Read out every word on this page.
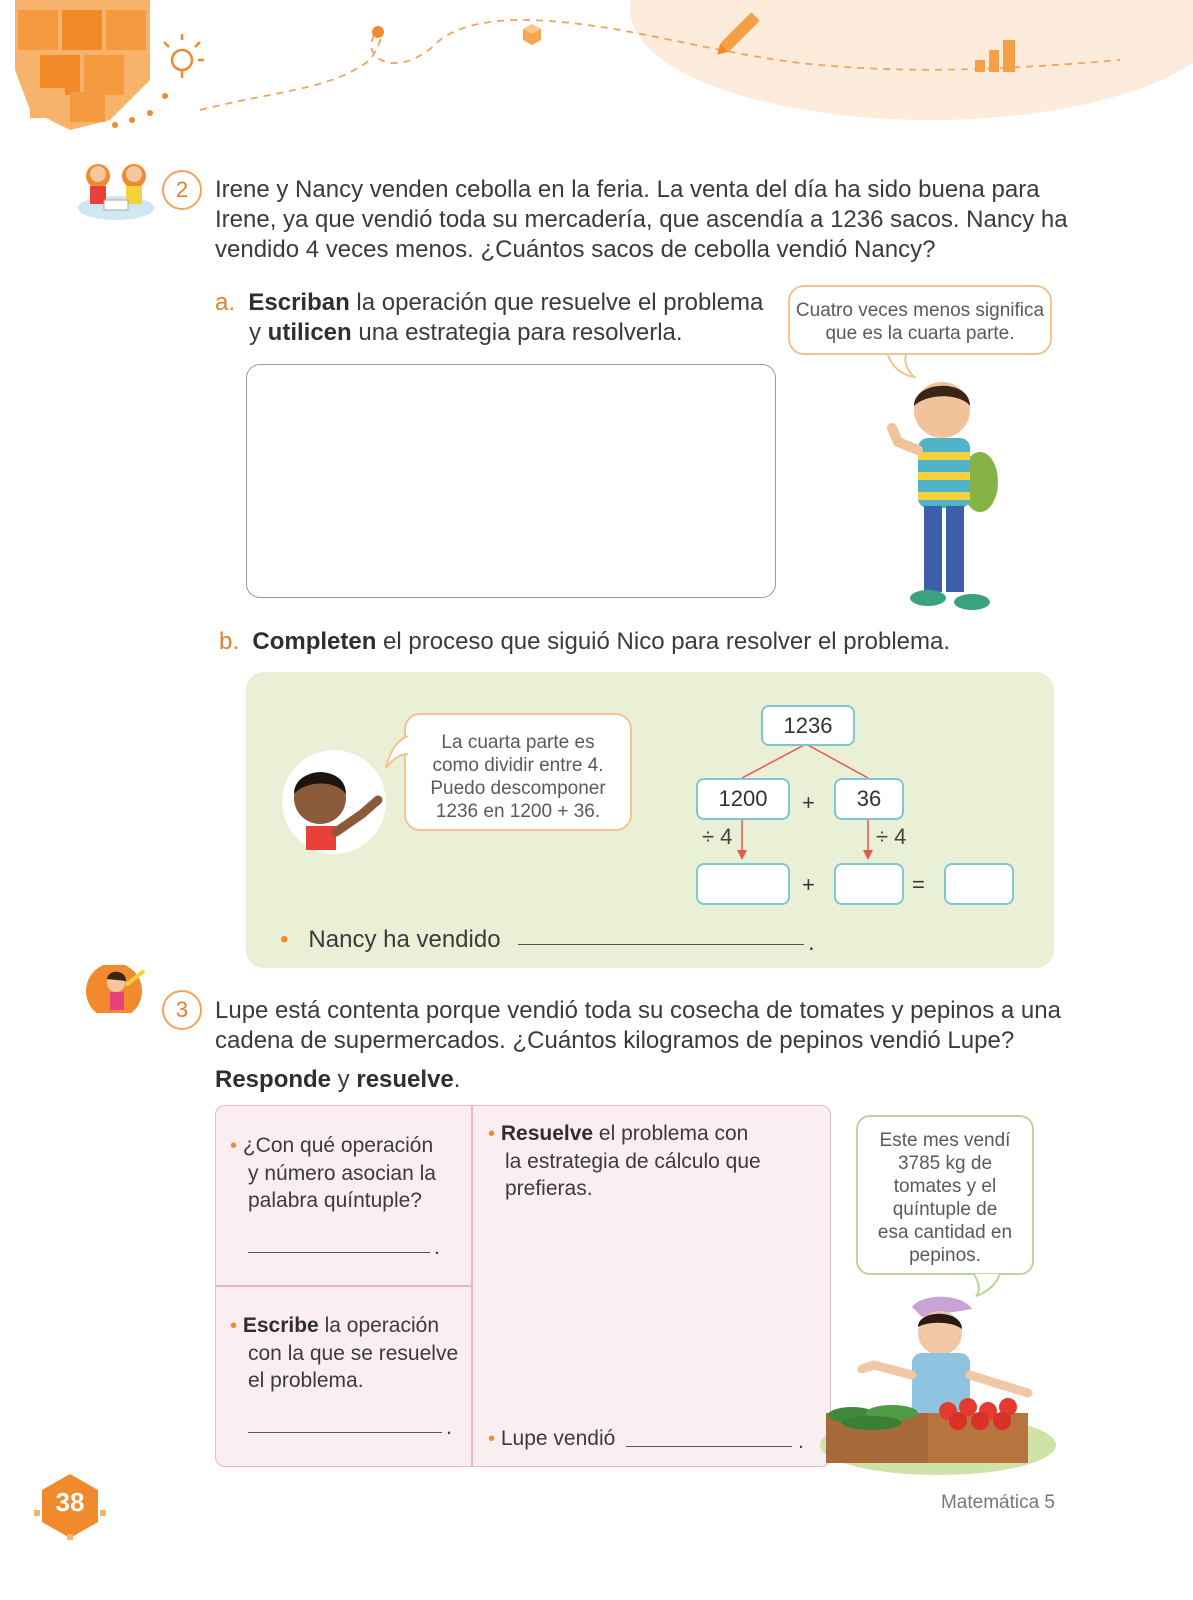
2 Irene y Nancy venden cebolla en la feria. La venta del día ha sido buena para
Irene, ya que vendió toda su mercadería, que ascendía a 1236 sacos. Nancy ha
vendido 4 veces menos. ¿Cuántos sacos de cebolla vendió Nancy?
a. Escriban la operación que resuelve el problema
y utilicen una estrategia para resolverla.
Cuatro veces menos significa
que es la cuarta parte.
b. Completen el proceso que siguió Nico para resolver el problema.
La cuarta parte es
como dividir entre 4.
Puedo descomponer
1236 en 1200 + 36.
1236
1200 + 36
÷ 4	÷ 4
+	=
• Nancy ha vendido	.
3 Lupe está contenta porque vendió toda su cosecha de tomates y pepinos a una
cadena de supermercados. ¿Cuántos kilogramos de pepinos vendió Lupe?
Responde y resuelve.
• ¿Con qué operación
y número asocian la
palabra quíntuple?
.
• Escribe la operación
con la que se resuelve
el problema.
.
• Resuelve el problema con
la estrategia de cálculo que
prefieras.
• Lupe vendió	.
Este mes vendí
3785 kg de
tomates y el
quíntuple de
esa cantidad en
pepinos.
38	Matemática 5
